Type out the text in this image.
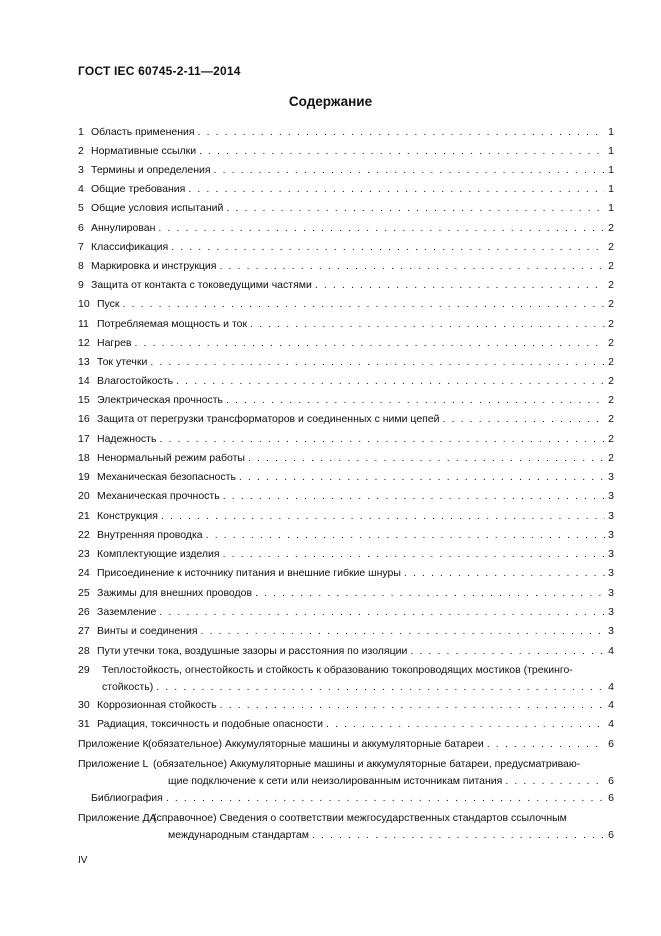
ГОСТ IEC 60745-2-11—2014
Содержание
1 Область применения . . .	1
2 Нормативные ссылки . . .	1
3 Термины и определения . . .	1
4 Общие требования . . .	1
5 Общие условия испытаний . . .	1
6 Аннулирован . . .	2
7 Классификация . . .	2
8 Маркировка и инструкция . . .	2
9 Защита от контакта с токоведущими частями . . .	2
10 Пуск . . .	2
11 Потребляемая мощность и ток . . .	2
12 Нагрев . . .	2
13 Ток утечки . . .	2
14 Влагостойкость . . .	2
15 Электрическая прочность . . .	2
16 Защита от перегрузки трансформаторов и соединенных с ними цепей . . .	2
17 Надежность . . .	2
18 Ненормальный режим работы . . .	2
19 Механическая безопасность . . .	3
20 Механическая прочность . . .	3
21 Конструкция . . .	3
22 Внутренняя проводка . . .	3
23 Комплектующие изделия . . .	3
24 Присоединение к источнику питания и внешние гибкие шнуры . . .	3
25 Зажимы для внешних проводов . . .	3
26 Заземление . . .	3
27 Винты и соединения . . .	3
28 Пути утечки тока, воздушные зазоры и расстояния по изоляции . . .	4
29	Теплостойкость, огнестойкость и стойкость к образованию токопроводящих мостиков (трекинго-
стойкость) . . .	4
30 Коррозионная стойкость . . .	4
31 Радиация, токсичность и подобные опасности . . .	4
Приложение К (обязательное) Аккумуляторные машины и аккумуляторные батареи . . .	6
Приложение L (обязательное) Аккумуляторные машины и аккумуляторные батареи, предусматриваю-
щие подключение к сети или неизолированным источникам питания . . .	6
Библиография . . .	6
Приложение ДА
(справочное) Сведения о соответствии межгосударственных стандартов ссылочным
международным стандартам . . .	6
IV
